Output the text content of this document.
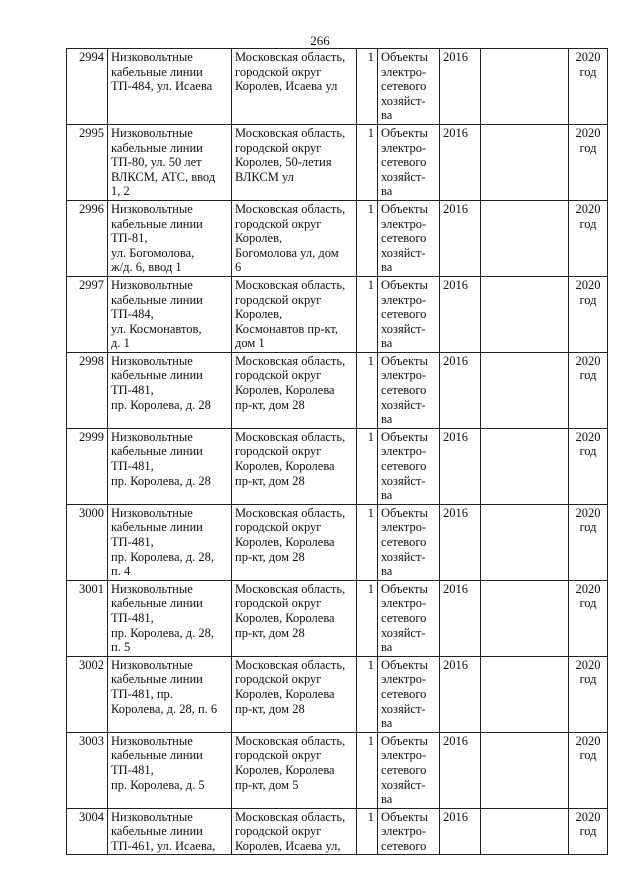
266
2994	Низковольтные
кабельные линии
ТП-484, ул. Исаева	Московская область,
городской округ
Королев, Исаева ул	1	Объекты
электро-
сетевого
хозяйст-
ва	2016		2020
год
2995	Низковольтные
кабельные линии
ТП-80, ул. 50 лет
ВЛКСМ, АТС, ввод
1, 2	Московская область,
городской округ
Королев, 50-летия
ВЛКСМ ул	1	Объекты
электро-
сетевого
хозяйст-
ва	2016		2020
год
2996	Низковольтные
кабельные линии
ТП-81,
ул. Богомолова,
ж/д. 6, ввод 1	Московская область,
городской округ
Королев,
Богомолова ул, дом
6	1	Объекты
электро-
сетевого
хозяйст-
ва	2016		2020
год
2997	Низковольтные
кабельные линии
ТП-484,
ул. Космонавтов,
д. 1	Московская область,
городской округ
Королев,
Космонавтов пр-кт,
дом 1	1	Объекты
электро-
сетевого
хозяйст-
ва	2016		2020
год
2998	Низковольтные
кабельные линии
ТП-481,
пр. Королева, д. 28	Московская область,
городской округ
Королев, Королева
пр-кт, дом 28	1	Объекты
электро-
сетевого
хозяйст-
ва	2016		2020
год
2999	Низковольтные
кабельные линии
ТП-481,
пр. Королева, д. 28	Московская область,
городской округ
Королев, Королева
пр-кт, дом 28	1	Объекты
электро-
сетевого
хозяйст-
ва	2016		2020
год
3000	Низковольтные
кабельные линии
ТП-481,
пр. Королева, д. 28,
п. 4	Московская область,
городской округ
Королев, Королева
пр-кт, дом 28	1	Объекты
электро-
сетевого
хозяйст-
ва	2016		2020
год
3001	Низковольтные
кабельные линии
ТП-481,
пр. Королева, д. 28,
п. 5	Московская область,
городской округ
Королев, Королева
пр-кт, дом 28	1	Объекты
электро-
сетевого
хозяйст-
ва	2016		2020
год
3002	Низковольтные
кабельные линии
ТП-481, пр.
Королева, д. 28, п. 6	Московская область,
городской округ
Королев, Королева
пр-кт, дом 28	1	Объекты
электро-
сетевого
хозяйст-
ва	2016		2020
год
3003	Низковольтные
кабельные линии
ТП-481,
пр. Королева, д. 5	Московская область,
городской округ
Королев, Королева
пр-кт, дом 5	1	Объекты
электро-
сетевого
хозяйст-
ва	2016		2020
год
3004	Низковольтные
кабельные линии
ТП-461, ул. Исаева,	Московская область,
городской округ
Королев, Исаева ул,	1	Объекты
электро-
сетевого	2016		2020
год
